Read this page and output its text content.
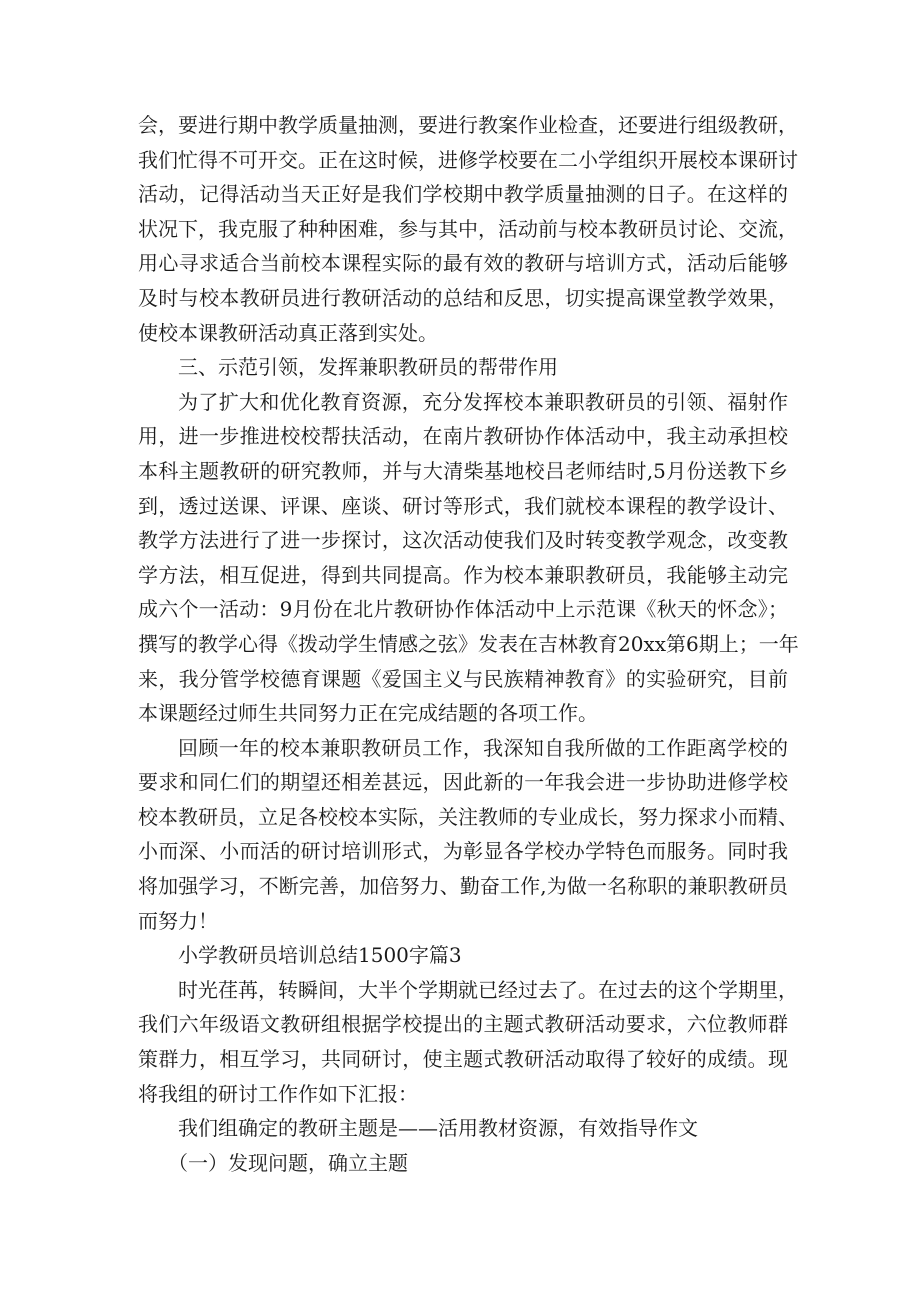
会，要进行期中教学质量抽测，要进行教案作业检查，还要进行组级教研，
我们忙得不可开交。正在这时候，进修学校要在二小学组织开展校本课研讨
活动，记得活动当天正好是我们学校期中教学质量抽测的日子。在这样的
状况下，我克服了种种困难，参与其中，活动前与校本教研员讨论、交流，
用心寻求适合当前校本课程实际的最有效的教研与培训方式，活动后能够
及时与校本教研员进行教研活动的总结和反思，切实提高课堂教学效果，
使校本课教研活动真正落到实处。
三、示范引领，发挥兼职教研员的帮带作用
为了扩大和优化教育资源，充分发挥校本兼职教研员的引领、福射作
用，进一步推进校校帮扶活动，在南片教研协作体活动中，我主动承担校
本科主题教研的研究教师，并与大清柴基地校吕老师结时,5月份送教下乡
到，透过送课、评课、座谈、研讨等形式，我们就校本课程的教学设计、
教学方法进行了进一步探讨，这次活动使我们及时转变教学观念，改变教
学方法，相互促进，得到共同提高。作为校本兼职教研员，我能够主动完
成六个一活动：9月份在北片教研协作体活动中上示范课《秋天的怀念》；
撰写的教学心得《拨动学生情感之弦》发表在吉林教育20xx第6期上；一年
来，我分管学校德育课题《爱国主义与民族精神教育》的实验研究，目前
本课题经过师生共同努力正在完成结题的各项工作。
回顾一年的校本兼职教研员工作，我深知自我所做的工作距离学校的
要求和同仁们的期望还相差甚远，因此新的一年我会进一步协助进修学校
校本教研员，立足各校校本实际，关注教师的专业成长，努力探求小而精、
小而深、小而活的研讨培训形式，为彰显各学校办学特色而服务。同时我
将加强学习，不断完善，加倍努力、勤奋工作,为做一名称职的兼职教研员
而努力！
小学教研员培训总结1500字篇3
时光荏苒，转瞬间，大半个学期就已经过去了。在过去的这个学期里，
我们六年级语文教研组根据学校提出的主题式教研活动要求，六位教师群
策群力，相互学习，共同研讨，使主题式教研活动取得了较好的成绩。现
将我组的研讨工作作如下汇报：
我们组确定的教研主题是——活用教材资源，有效指导作文
（一）发现问题，确立主题
